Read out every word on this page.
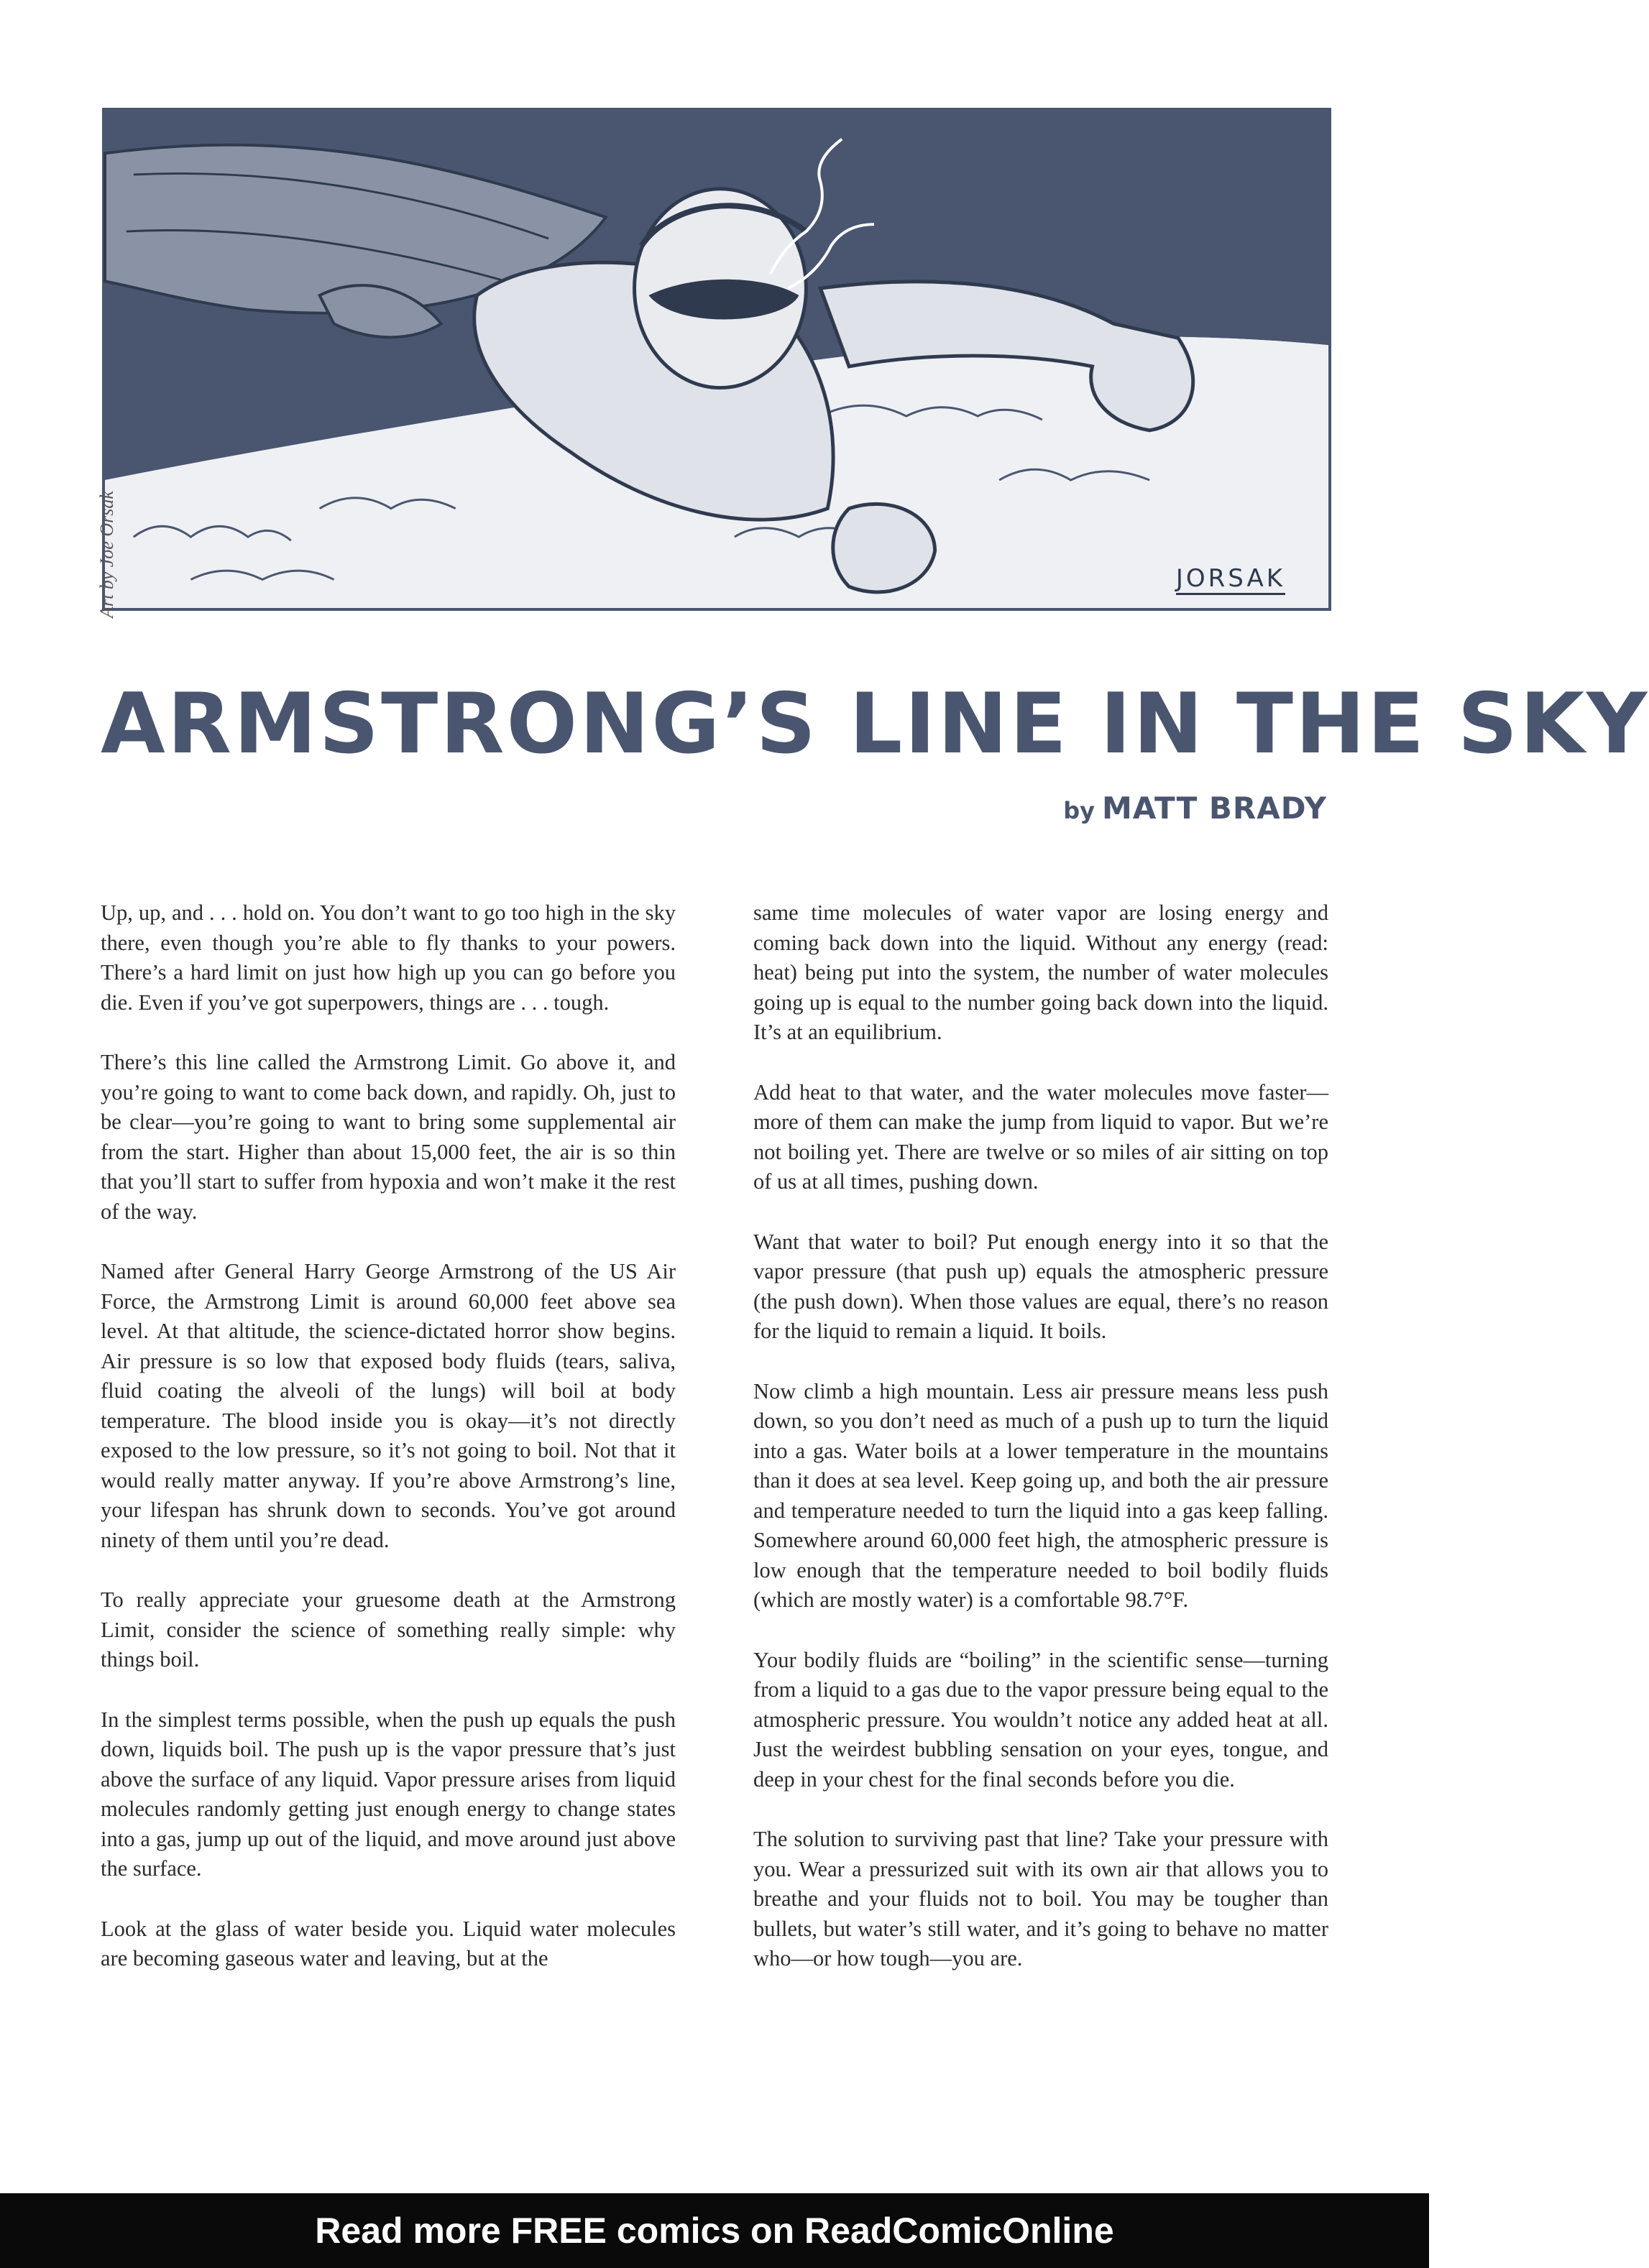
JORSAK
Art by Joe Orsak
ARMSTRONG’S LINE IN THE SKY
by MATT BRADY

Up, up, and . . . hold on. You don’t want to go too high in the sky there, even though you’re able to fly thanks to your powers. There’s a hard limit on just how high up you can go before you die. Even if you’ve got superpowers, things are . . . tough.

There’s this line called the Armstrong Limit. Go above it, and you’re going to want to come back down, and rapidly. Oh, just to be clear—you’re going to want to bring some supplemental air from the start. Higher than about 15,000 feet, the air is so thin that you’ll start to suffer from hypoxia and won’t make it the rest of the way.

Named after General Harry George Armstrong of the US Air Force, the Armstrong Limit is around 60,000 feet above sea level. At that altitude, the science-dictated horror show begins. Air pressure is so low that exposed body fluids (tears, saliva, fluid coating the alveoli of the lungs) will boil at body temperature. The blood inside you is okay—it’s not directly exposed to the low pressure, so it’s not going to boil. Not that it would really matter anyway. If you’re above Armstrong’s line, your lifespan has shrunk down to seconds. You’ve got around ninety of them until you’re dead.

To really appreciate your gruesome death at the Armstrong Limit, consider the science of something really simple: why things boil.

In the simplest terms possible, when the push up equals the push down, liquids boil. The push up is the vapor pressure that’s just above the surface of any liquid. Vapor pressure arises from liquid molecules randomly getting just enough energy to change states into a gas, jump up out of the liquid, and move around just above the surface.

Look at the glass of water beside you. Liquid water molecules are becoming gaseous water and leaving, but at the

same time molecules of water vapor are losing energy and coming back down into the liquid. Without any energy (read: heat) being put into the system, the number of water molecules going up is equal to the number going back down into the liquid. It’s at an equilibrium.

Add heat to that water, and the water molecules move faster—more of them can make the jump from liquid to vapor. But we’re not boiling yet. There are twelve or so miles of air sitting on top of us at all times, pushing down.

Want that water to boil? Put enough energy into it so that the vapor pressure (that push up) equals the atmospheric pressure (the push down). When those values are equal, there’s no reason for the liquid to remain a liquid. It boils.

Now climb a high mountain. Less air pressure means less push down, so you don’t need as much of a push up to turn the liquid into a gas. Water boils at a lower temperature in the mountains than it does at sea level. Keep going up, and both the air pressure and temperature needed to turn the liquid into a gas keep falling. Somewhere around 60,000 feet high, the atmospheric pressure is low enough that the temperature needed to boil bodily fluids (which are mostly water) is a comfortable 98.7°F.

Your bodily fluids are “boiling” in the scientific sense—turning from a liquid to a gas due to the vapor pressure being equal to the atmospheric pressure. You wouldn’t notice any added heat at all. Just the weirdest bubbling sensation on your eyes, tongue, and deep in your chest for the final seconds before you die.

The solution to surviving past that line? Take your pressure with you. Wear a pressurized suit with its own air that allows you to breathe and your fluids not to boil. You may be tougher than bullets, but water’s still water, and it’s going to behave no matter who—or how tough—you are.

Read more FREE comics on ReadComicOnline
